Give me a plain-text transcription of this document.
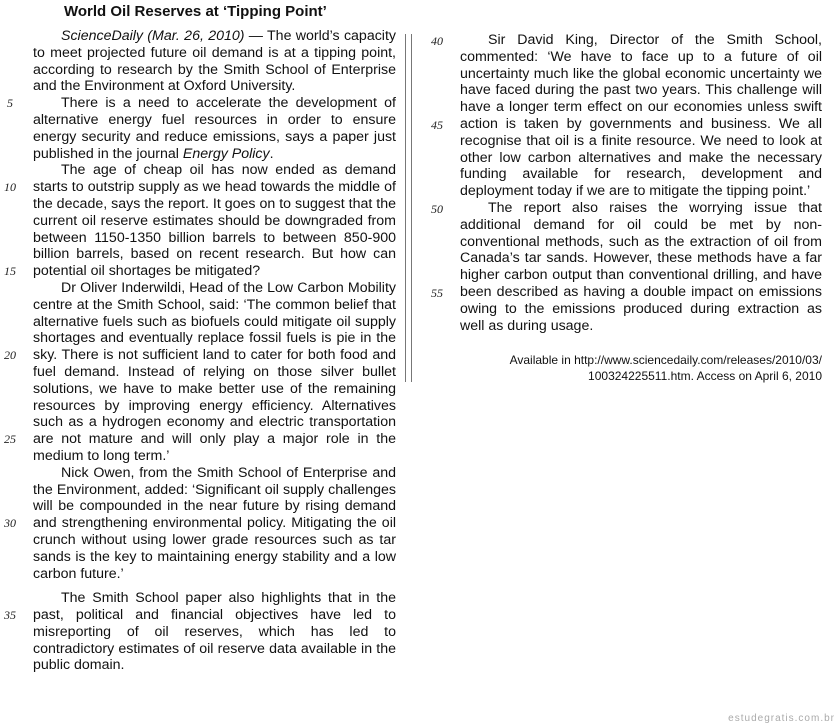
World Oil Reserves at ‘Tipping Point’
5
10
15
20
25
30
35

ScienceDaily (Mar. 26, 2010) — The world’s capacity to meet projected future oil demand is at a tipping point, according to research by the Smith School of Enterprise and the Environment at Oxford University.

There is a need to accelerate the development of alternative energy fuel resources in order to ensure energy security and reduce emissions, says a paper just published in the journal Energy Policy.

The age of cheap oil has now ended as demand starts to outstrip supply as we head towards the middle of the decade, says the report. It goes on to suggest that the current oil reserve estimates should be downgraded from between 1150-1350 billion barrels to between 850-900 billion barrels, based on recent research. But how can potential oil shortages be mitigated?

Dr Oliver Inderwildi, Head of the Low Carbon Mobility centre at the Smith School, said: ‘The common belief that alternative fuels such as biofuels could mitigate oil supply shortages and eventually replace fossil fuels is pie in the sky. There is not sufficient land to cater for both food and fuel demand. Instead of relying on those silver bullet solutions, we have to make better use of the remaining resources by improving energy efficiency. Alternatives such as a hydrogen economy and electric transportation are not mature and will only play a major role in the medium to long term.’

Nick Owen, from the Smith School of Enterprise and the Environment, added: ‘Significant oil supply challenges will be compounded in the near future by rising demand and strengthening environmental policy. Mitigating the oil crunch without using lower grade resources such as tar sands is the key to maintaining energy stability and a low carbon future.’

The Smith School paper also highlights that in the past, political and financial objectives have led to misreporting of oil reserves, which has led to contradictory estimates of oil reserve data available in the public domain.

40
45
50
55

Sir David King, Director of the Smith School, commented: ‘We have to face up to a future of oil uncertainty much like the global economic uncertainty we have faced during the past two years. This challenge will have a longer term effect on our economies unless swift action is taken by governments and business. We all recognise that oil is a finite resource. We need to look at other low carbon alternatives and make the necessary funding available for research, development and deployment today if we are to mitigate the tipping point.’

The report also raises the worrying issue that additional demand for oil could be met by non-conventional methods, such as the extraction of oil from Canada’s tar sands. However, these methods have a far higher carbon output than conventional drilling, and have been described as having a double impact on emissions owing to the emissions produced during extraction as well as during usage.

Available in http://www.sciencedaily.com/releases/2010/03/
100324225511.htm. Access on April 6, 2010
estudegratis.com.br
